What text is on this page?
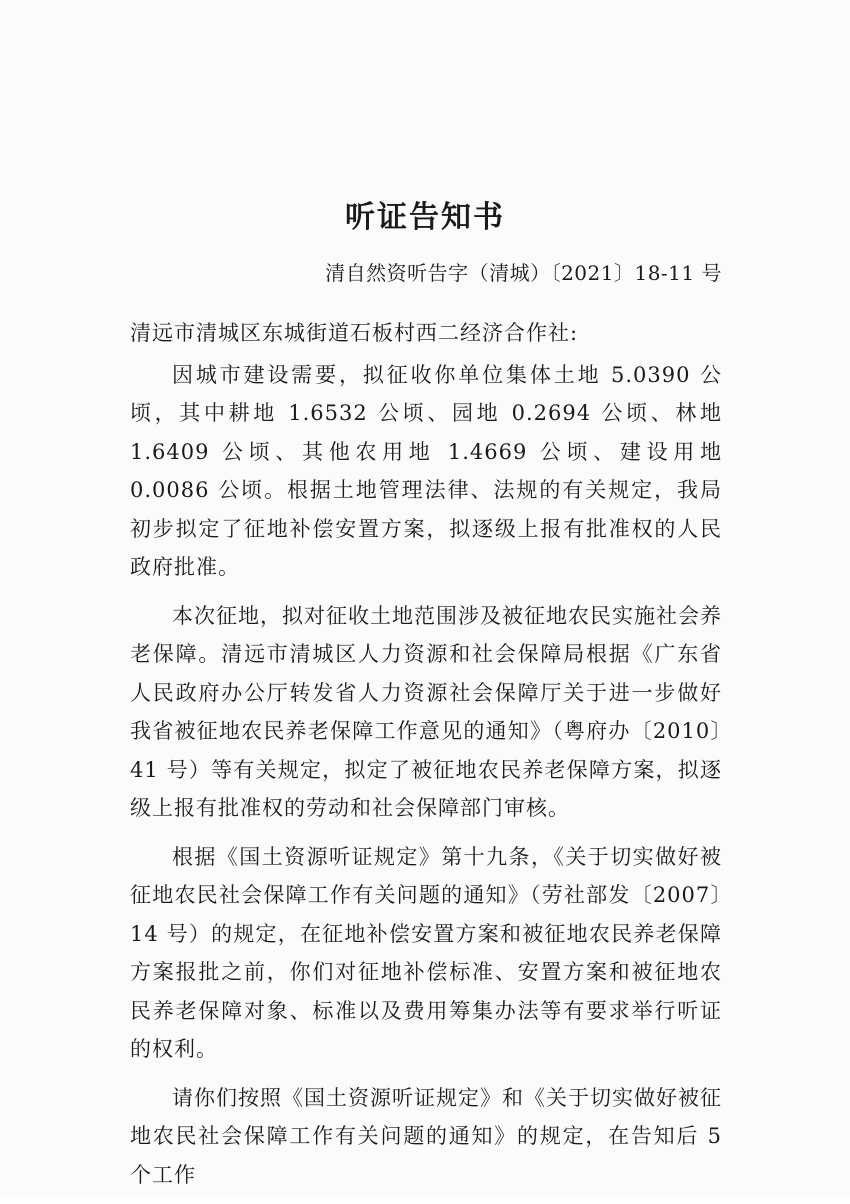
听证告知书

清自然资听告字（清城）〔2021〕18-11 号

清远市清城区东城街道石板村西二经济合作社:

因城市建设需要，拟征收你单位集体土地 5.0390 公顷，其中耕地 1.6532 公顷、园地 0.2694 公顷、林地 1.6409 公顷、其他农用地 1.4669 公顷、建设用地 0.0086 公顷。根据土地管理法律、法规的有关规定，我局初步拟定了征地补偿安置方案，拟逐级上报有批准权的人民政府批准。

本次征地，拟对征收土地范围涉及被征地农民实施社会养老保障。清远市清城区人力资源和社会保障局根据《广东省人民政府办公厅转发省人力资源社会保障厅关于进一步做好我省被征地农民养老保障工作意见的通知》（粤府办〔2010〕41 号）等有关规定，拟定了被征地农民养老保障方案，拟逐级上报有批准权的劳动和社会保障部门审核。

根据《国土资源听证规定》第十九条，《关于切实做好被征地农民社会保障工作有关问题的通知》（劳社部发〔2007〕14 号）的规定，在征地补偿安置方案和被征地农民养老保障方案报批之前，你们对征地补偿标准、安置方案和被征地农民养老保障对象、标准以及费用筹集办法等有要求举行听证的权利。

请你们按照《国土资源听证规定》和《关于切实做好被征地农民社会保障工作有关问题的通知》的规定，在告知后 5 个工作
